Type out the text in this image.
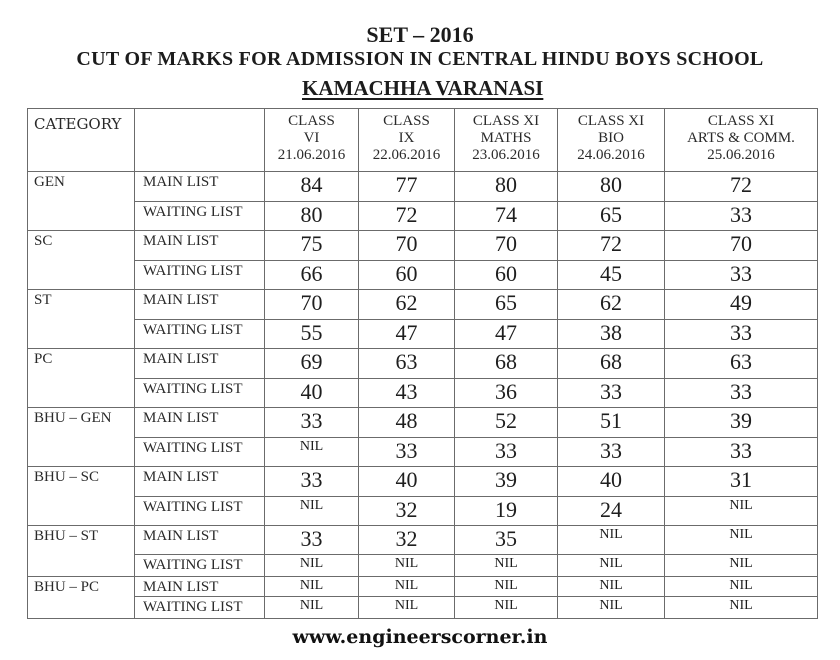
SET – 2016
CUT OF MARKS FOR ADMISSION IN CENTRAL HINDU BOYS SCHOOL
KAMACHHA VARANASI
CATEGORY		CLASS
VI
21.06.2016	CLASS
IX
22.06.2016	CLASS XI
MATHS
23.06.2016	CLASS XI
BIO
24.06.2016	CLASS XI
ARTS & COMM.
25.06.2016

GEN	MAIN LIST	84	77	80	80	72
	WAITING LIST	80	72	74	65	33
SC	MAIN LIST	75	70	70	72	70
	WAITING LIST	66	60	60	45	33
ST	MAIN LIST	70	62	65	62	49
	WAITING LIST	55	47	47	38	33
PC	MAIN LIST	69	63	68	68	63
	WAITING LIST	40	43	36	33	33
BHU – GEN	MAIN LIST	33	48	52	51	39
	WAITING LIST	NIL	33	33	33	33
BHU – SC	MAIN LIST	33	40	39	40	31
	WAITING LIST	NIL	32	19	24	NIL
BHU – ST	MAIN LIST	33	32	35	NIL	NIL
	WAITING LIST	NIL	NIL	NIL	NIL	NIL
BHU – PC	MAIN LIST	NIL	NIL	NIL	NIL	NIL
	WAITING LIST	NIL	NIL	NIL	NIL	NIL
www.engineerscorner.in
